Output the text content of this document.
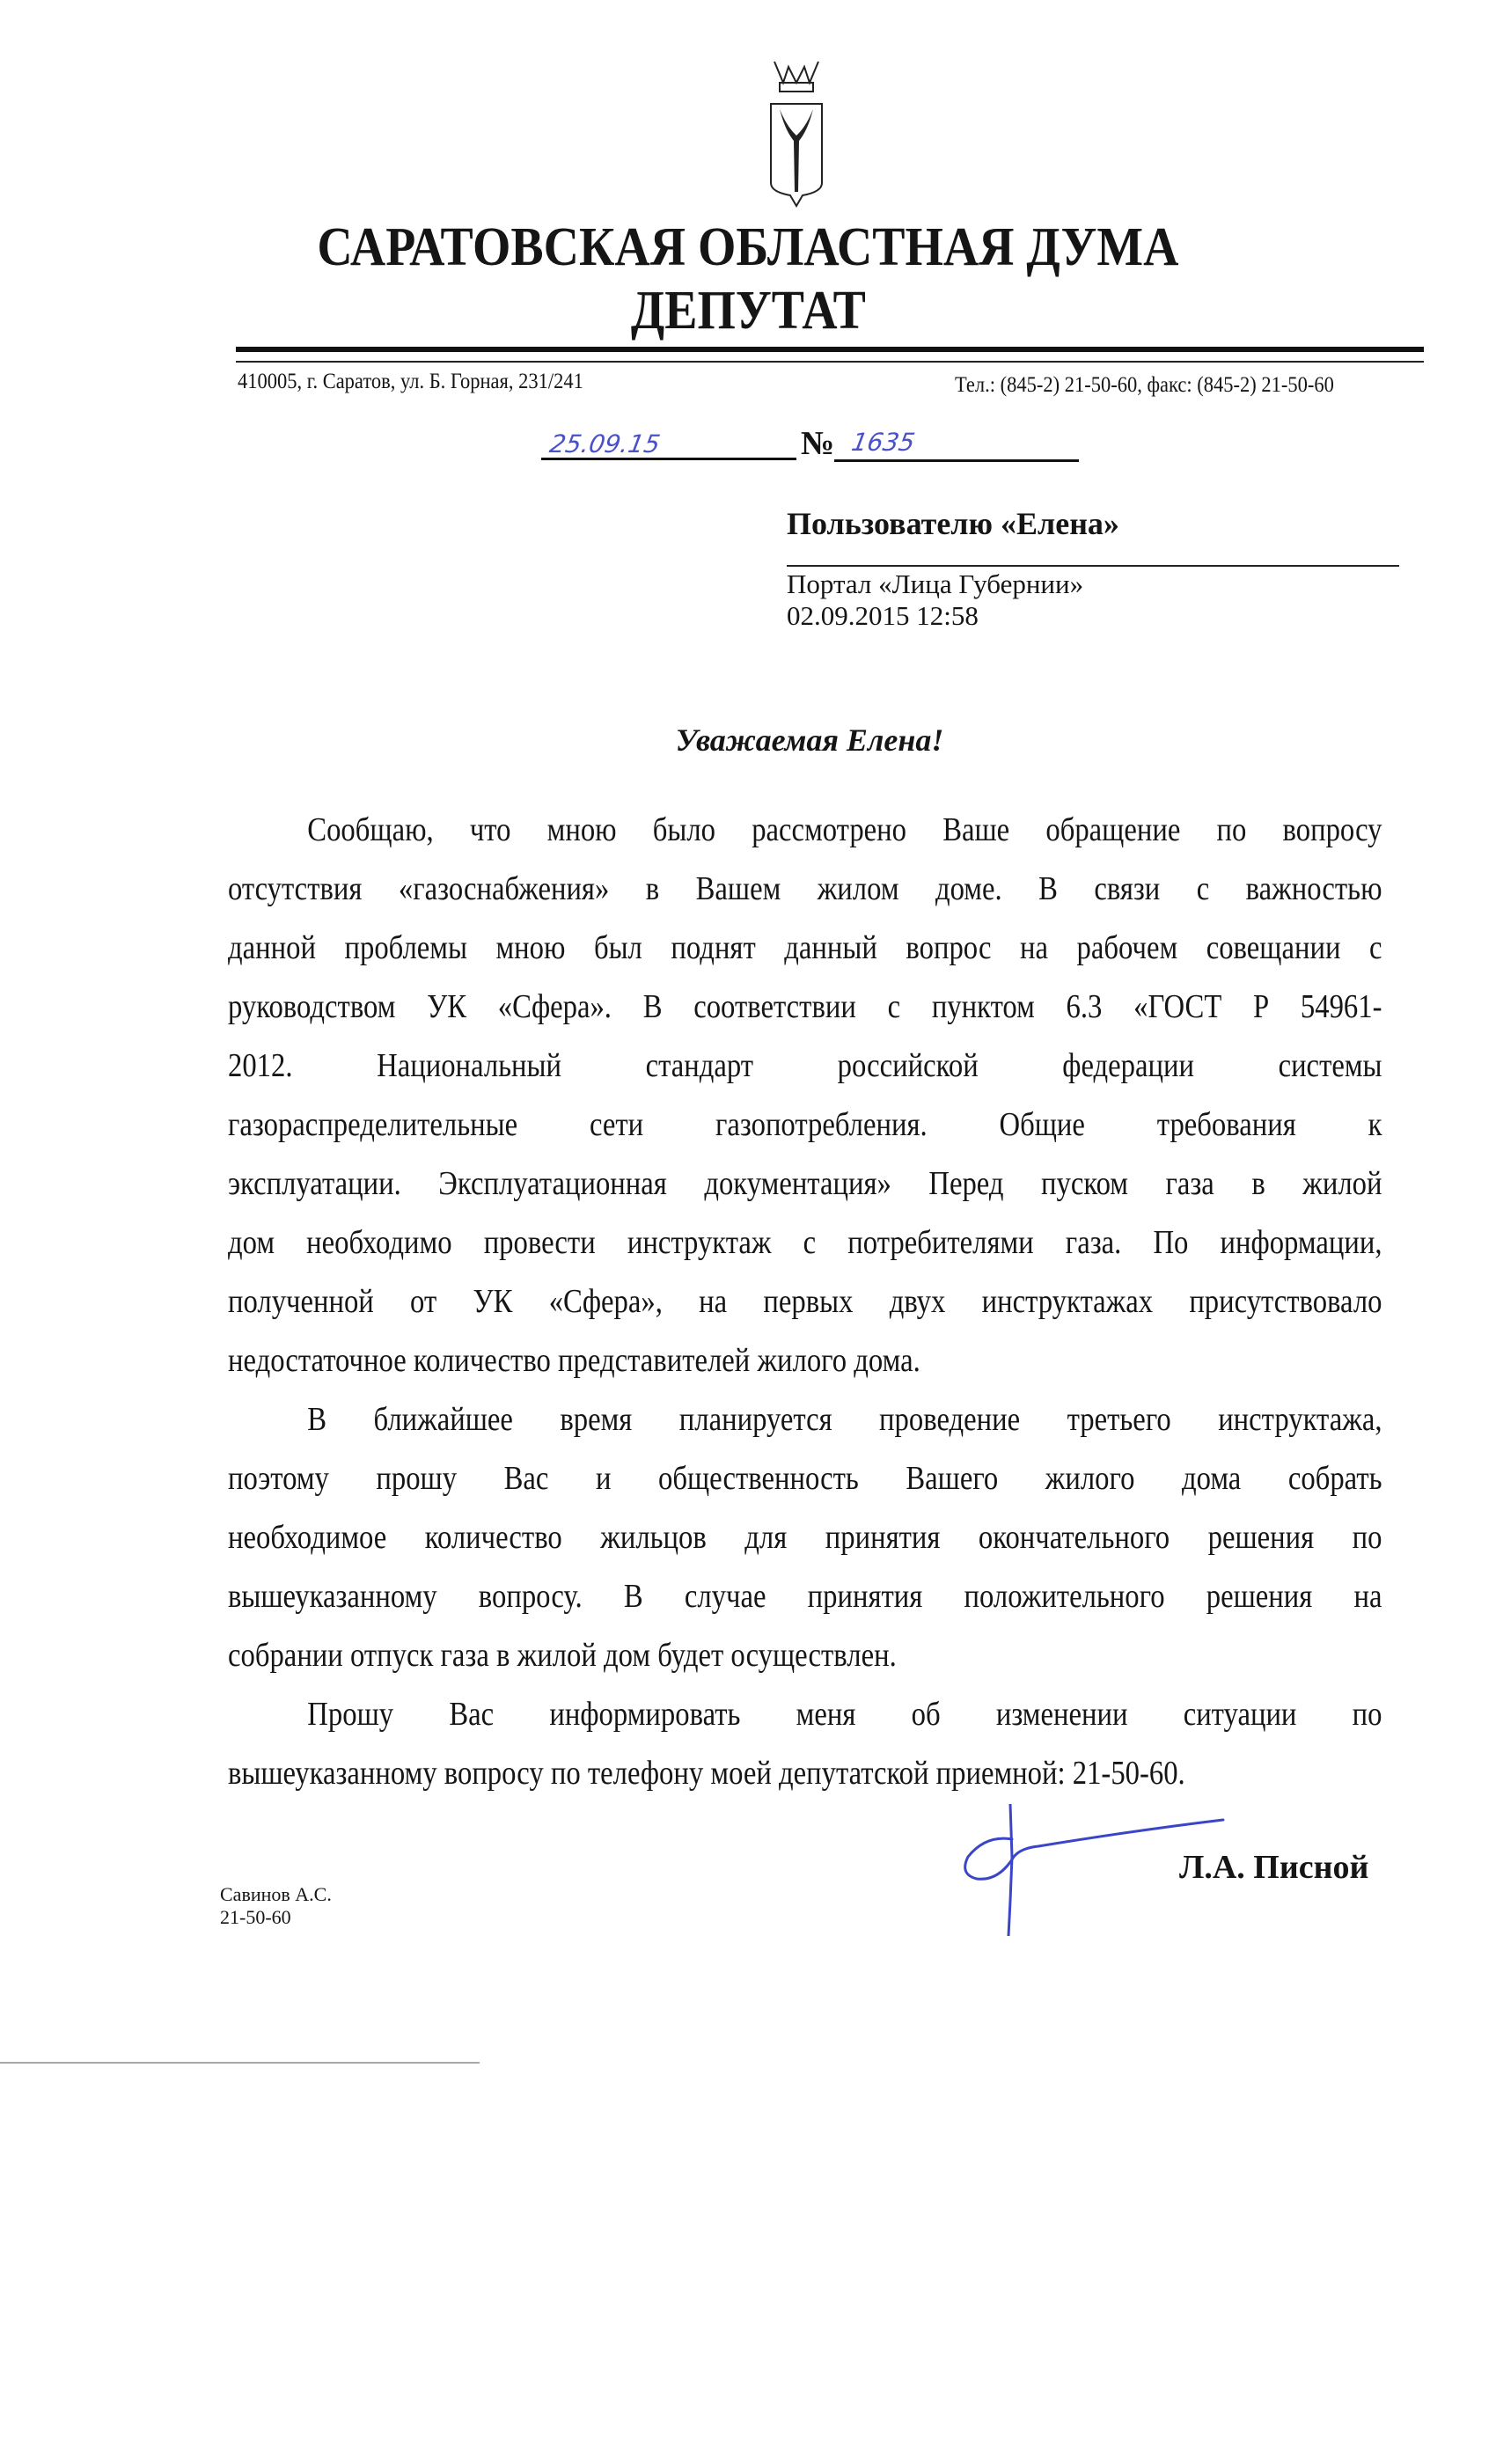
САРАТОВСКАЯ ОБЛАСТНАЯ ДУМА
ДЕПУТАТ
410005, г. Саратов, ул. Б. Горная, 231/241	Тел.: (845-2) 21-50-60, факс: (845-2) 21-50-60
25.09.15	№ 1635
Пользователю «Елена»
Портал «Лица Губернии»
02.09.2015 12:58
Уважаемая Елена!
Сообщаю, что мною было рассмотрено Ваше обращение по вопросу
отсутствия «газоснабжения» в Вашем жилом доме. В связи с важностью
данной проблемы мною был поднят данный вопрос на рабочем совещании с
руководством УК «Сфера». В соответствии с пунктом 6.3 «ГОСТ Р 54961-
2012. Национальный стандарт российской федерации системы
газораспределительные сети газопотребления. Общие требования к
эксплуатации. Эксплуатационная документация» Перед пуском газа в жилой
дом необходимо провести инструктаж с потребителями газа. По информации,
полученной от УК «Сфера», на первых двух инструктажах присутствовало
недостаточное количество представителей жилого дома.
В ближайшее время планируется проведение третьего инструктажа,
поэтому прошу Вас и общественность Вашего жилого дома собрать
необходимое количество жильцов для принятия окончательного решения по
вышеуказанному вопросу. В случае принятия положительного решения на
собрании отпуск газа в жилой дом будет осуществлен.
Прошу Вас информировать меня об изменении ситуации по
вышеуказанному вопросу по телефону моей депутатской приемной: 21-50-60.
Л.А. Писной
Савинов А.С.
21-50-60
